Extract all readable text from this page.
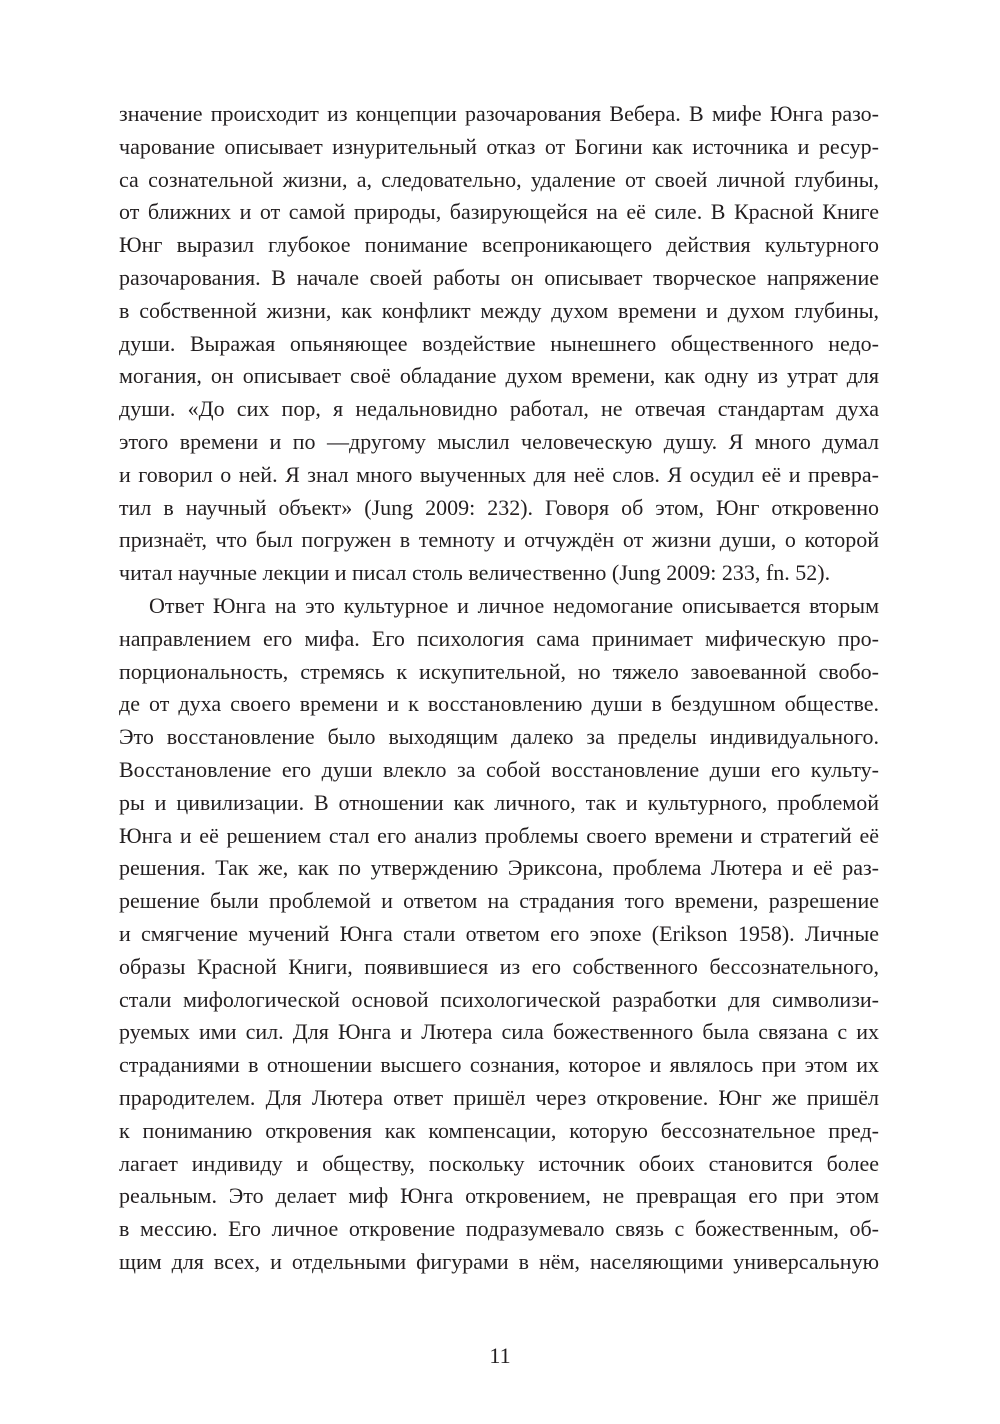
значение происходит из концепции разочарования Вебера. В мифе Юнга разо-
чарование описывает изнурительный отказ от Богини как источника и ресур-
са сознательной жизни, а, следовательно, удаление от своей личной глубины,
от ближних и от самой природы, базирующейся на её силе. В Красной Книге
Юнг выразил глубокое понимание всепроникающего действия культурного
разочарования. В начале своей работы он описывает творческое напряжение
в собственной жизни, как конфликт между духом времени и духом глубины,
души. Выражая опьяняющее воздействие нынешнего общественного недо-
могания, он описывает своё обладание духом времени, как одну из утрат для
души. «До сих пор, я недальновидно работал, не отвечая стандартам духа
этого времени и по —другому мыслил человеческую душу. Я много думал
и говорил о ней. Я знал много выученных для неё слов. Я осудил её и превра-
тил в научный объект» (Jung 2009: 232). Говоря об этом, Юнг откровенно
признаёт, что был погружен в темноту и отчуждён от жизни души, о которой
читал научные лекции и писал столь величественно (Jung 2009: 233, fn. 52).
Ответ Юнга на это культурное и личное недомогание описывается вторым
направлением его мифа. Его психология сама принимает мифическую про-
порциональность, стремясь к искупительной, но тяжело завоеванной свобо-
де от духа своего времени и к восстановлению души в бездушном обществе.
Это восстановление было выходящим далеко за пределы индивидуального.
Восстановление его души влекло за собой восстановление души его культу-
ры и цивилизации. В отношении как личного, так и культурного, проблемой
Юнга и её решением стал его анализ проблемы своего времени и стратегий её
решения. Так же, как по утверждению Эриксона, проблема Лютера и её раз-
решение были проблемой и ответом на страдания того времени, разрешение
и смягчение мучений Юнга стали ответом его эпохе (Erikson 1958). Личные
образы Красной Книги, появившиеся из его собственного бессознательного,
стали мифологической основой психологической разработки для символизи-
руемых ими сил. Для Юнга и Лютера сила божественного была связана с их
страданиями в отношении высшего сознания, которое и являлось при этом их
прародителем. Для Лютера ответ пришёл через откровение. Юнг же пришёл
к пониманию откровения как компенсации, которую бессознательное пред-
лагает индивиду и обществу, поскольку источник обоих становится более
реальным. Это делает миф Юнга откровением, не превращая его при этом
в мессию. Его личное откровение подразумевало связь с божественным, об-
щим для всех, и отдельными фигурами в нём, населяющими универсальную
11
